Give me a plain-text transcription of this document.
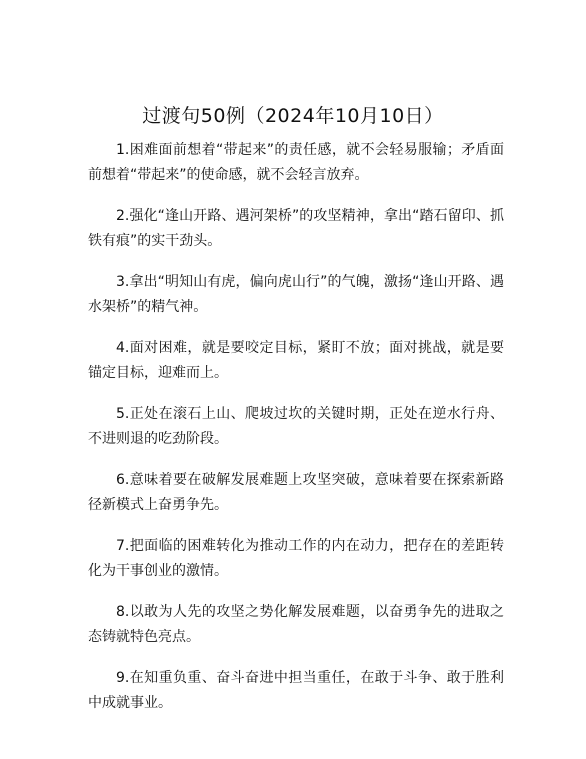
过渡句50例（2024年10月10日）

1.困难面前想着“带起来”的责任感，就不会轻易服输；矛盾面前想着“带起来”的使命感，就不会轻言放弃。

2.强化“逢山开路、遇河架桥”的攻坚精神，拿出“踏石留印、抓铁有痕”的实干劲头。

3.拿出“明知山有虎，偏向虎山行”的气魄，激扬“逢山开路、遇水架桥”的精气神。

4.面对困难，就是要咬定目标，紧盯不放；面对挑战，就是要锚定目标，迎难而上。

5.正处在滚石上山、爬坡过坎的关键时期，正处在逆水行舟、不进则退的吃劲阶段。

6.意味着要在破解发展难题上攻坚突破，意味着要在探索新路径新模式上奋勇争先。

7.把面临的困难转化为推动工作的内在动力，把存在的差距转化为干事创业的激情。

8.以敢为人先的攻坚之势化解发展难题，以奋勇争先的进取之态铸就特色亮点。

9.在知重负重、奋斗奋进中担当重任，在敢于斗争、敢于胜利中成就事业。
